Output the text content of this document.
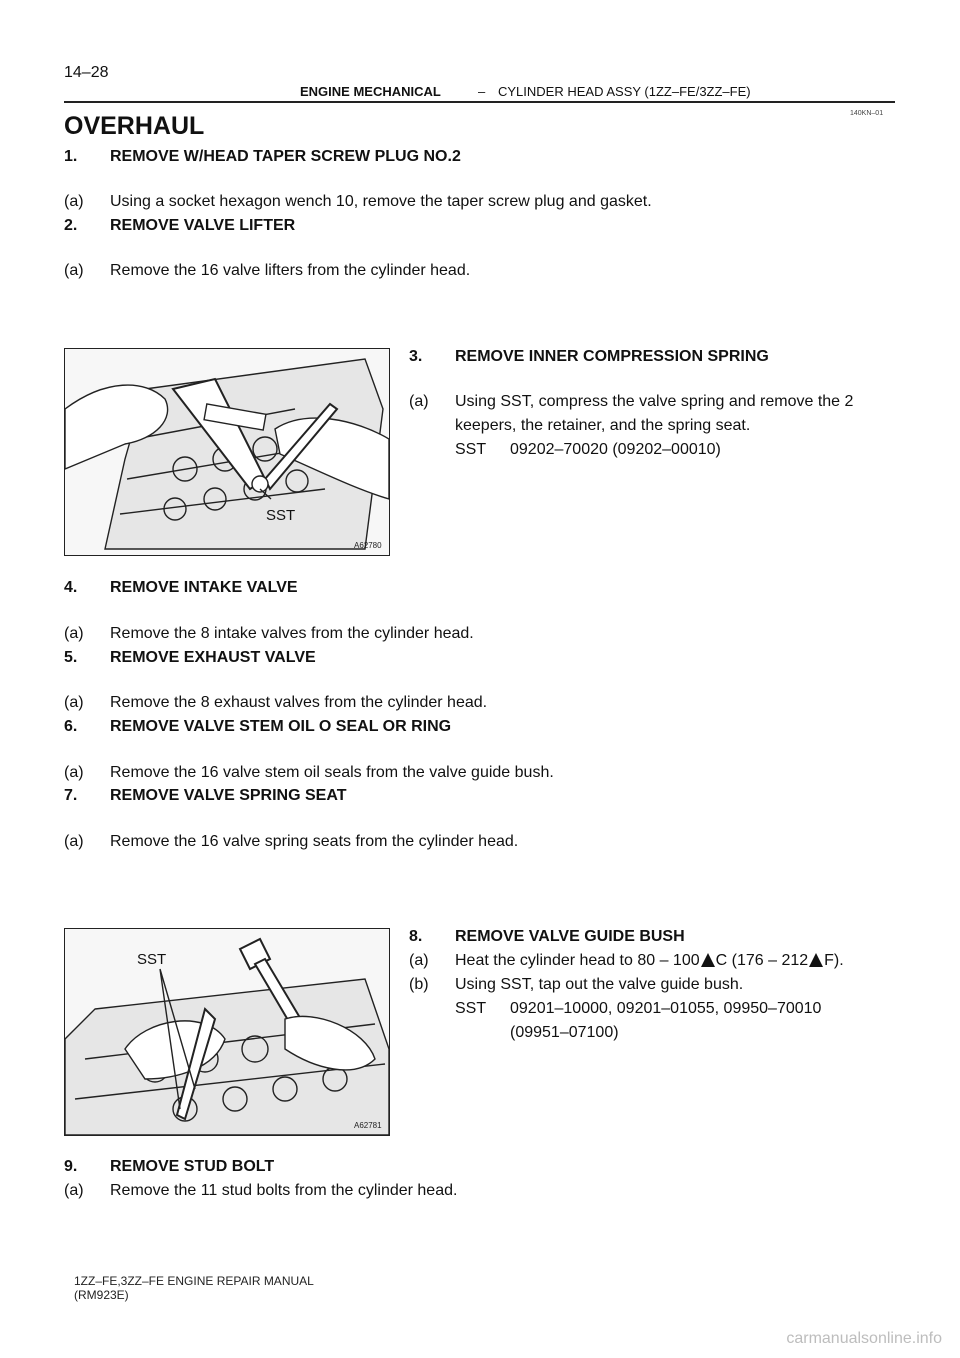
14–28
ENGINE MECHANICAL	– CYLINDER HEAD ASSY (1ZZ–FE/3ZZ–FE)
140KN–01
OVERHAUL
1. REMOVE W/HEAD TAPER SCREW PLUG NO.2
(a) Using a socket hexagon wench 10, remove the taper screw plug and gasket.
2. REMOVE VALVE LIFTER
(a) Remove the 16 valve lifters from the cylinder head.
SST
A62780
3. REMOVE INNER COMPRESSION SPRING
(a) Using SST, compress the valve spring and remove the 2
keepers, the retainer, and the spring seat.
SST 09202–70020 (09202–00010)
4. REMOVE INTAKE VALVE
(a) Remove the 8 intake valves from the cylinder head.
5. REMOVE EXHAUST VALVE
(a) Remove the 8 exhaust valves from the cylinder head.
6. REMOVE VALVE STEM OIL O SEAL OR RING
(a) Remove the 16 valve stem oil seals from the valve guide bush.
7. REMOVE VALVE SPRING SEAT
(a) Remove the 16 valve spring seats from the cylinder head.
SST
A62781
8. REMOVE VALVE GUIDE BUSH
(a) Heat the cylinder head to 80 – 100 C (176 – 212 F).
(b) Using SST, tap out the valve guide bush.
SST 09201–10000, 09201–01055, 09950–70010
(09951–07100)
9. REMOVE STUD BOLT
(a) Remove the 11 stud bolts from the cylinder head.
1ZZ–FE,3ZZ–FE ENGINE REPAIR MANUAL
(RM923E)
carmanualsonline.info
